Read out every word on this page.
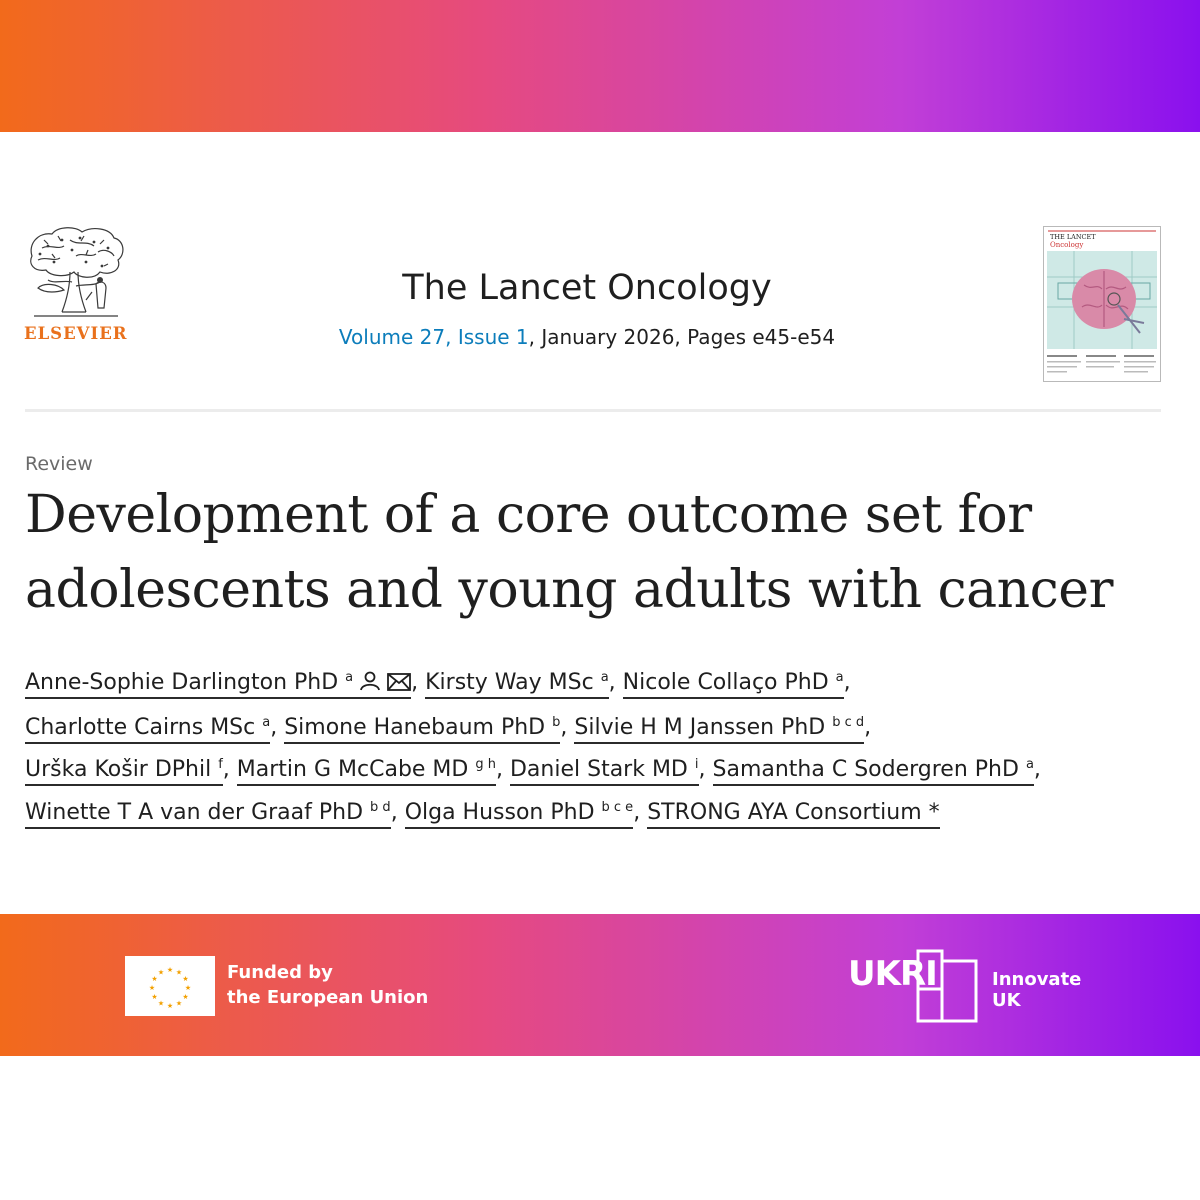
ELSEVIER
The Lancet Oncology
Volume 27, Issue 1, January 2026, Pages e45-e54
THE LANCET
Oncology
Review
Development of a core outcome set for adolescents and young adults with cancer
Anne-Sophie Darlington PhD $^a$	, Kirsty Way MSc $^a$, Nicole Collaço PhD $^a$,
Charlotte Cairns MSc $^a$, Simone Hanebaum PhD $^b$, Silvie H M Janssen PhD $^{b c d}$,
Urška Košir DPhil $^f$, Martin G McCabe MD $^{g h}$, Daniel Stark MD $^i$, Samantha C Sodergren PhD $^a$,
Winette T A van der Graaf PhD $^{b d}$, Olga Husson PhD $^{b c e}$, STRONG AYA Consortium *
★ ★
★
★
★
★
★
★
★
★
★
★	Funded by
the European Union
UKRI	Innovate
UK
